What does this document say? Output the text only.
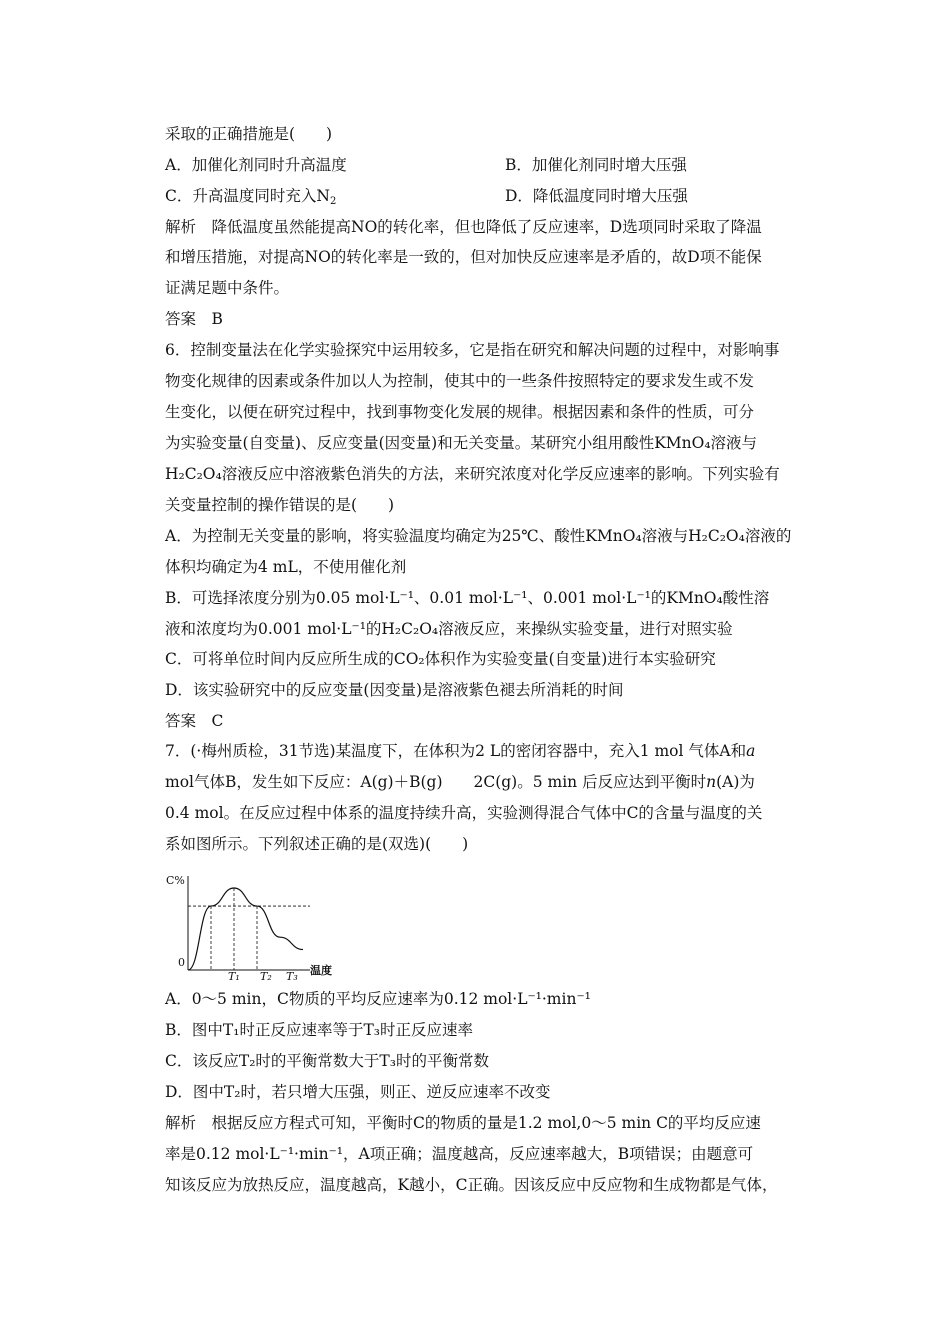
采取的正确措施是(　　)
A．加催化剂同时升高温度	B．加催化剂同时增大压强
C．升高温度同时充入$N_2$	D．降低温度同时增大压强
解析　降低温度虽然能提高NO的转化率，但也降低了反应速率，D选项同时采取了降温
和增压措施，对提高NO的转化率是一致的，但对加快反应速率是矛盾的，故D项不能保
证满足题中条件。
答案　B
6．控制变量法在化学实验探究中运用较多，它是指在研究和解决问题的过程中，对影响事
物变化规律的因素或条件加以人为控制，使其中的一些条件按照特定的要求发生或不发
生变化，以便在研究过程中，找到事物变化发展的规律。根据因素和条件的性质，可分
为实验变量(自变量)、反应变量(因变量)和无关变量。某研究小组用酸性KMnO₄溶液与
H₂C₂O₄溶液反应中溶液紫色消失的方法，来研究浓度对化学反应速率的影响。下列实验有
关变量控制的操作错误的是(　　)
A．为控制无关变量的影响，将实验温度均确定为25℃、酸性KMnO₄溶液与H₂C₂O₄溶液的
体积均确定为4 mL，不使用催化剂
B．可选择浓度分别为0.05 mol·L⁻¹、0.01 mol·L⁻¹、0.001 mol·L⁻¹的KMnO₄酸性溶
液和浓度均为0.001 mol·L⁻¹的H₂C₂O₄溶液反应，来操纵实验变量，进行对照实验
C．可将单位时间内反应所生成的CO₂体积作为实验变量(自变量)进行本实验研究
D．该实验研究中的反应变量(因变量)是溶液紫色褪去所消耗的时间
答案　C
7．(·梅州质检，31节选)某温度下，在体积为2 L的密闭容器中，充入1 mol 气体A和a
mol气体B，发生如下反应：A(g)＋B(g)　　2C(g)。5 min 后反应达到平衡时n(A)为
0.4 mol。在反应过程中体系的温度持续升高，实验测得混合气体中C的含量与温度的关
系如图所示。下列叙述正确的是(双选)(　　)
C%
0
温度
T₁ T₂ T₃
A．0～5 min，C物质的平均反应速率为0.12 mol·L⁻¹·min⁻¹
B．图中T₁时正反应速率等于T₃时正反应速率
C．该反应T₂时的平衡常数大于T₃时的平衡常数
D．图中T₂时，若只增大压强，则正、逆反应速率不改变
解析　根据反应方程式可知，平衡时C的物质的量是1.2 mol,0～5 min C的平均反应速
率是0.12 mol·L⁻¹·min⁻¹，A项正确；温度越高，反应速率越大，B项错误；由题意可
知该反应为放热反应，温度越高，K越小，C正确。因该反应中反应物和生成物都是气体，
